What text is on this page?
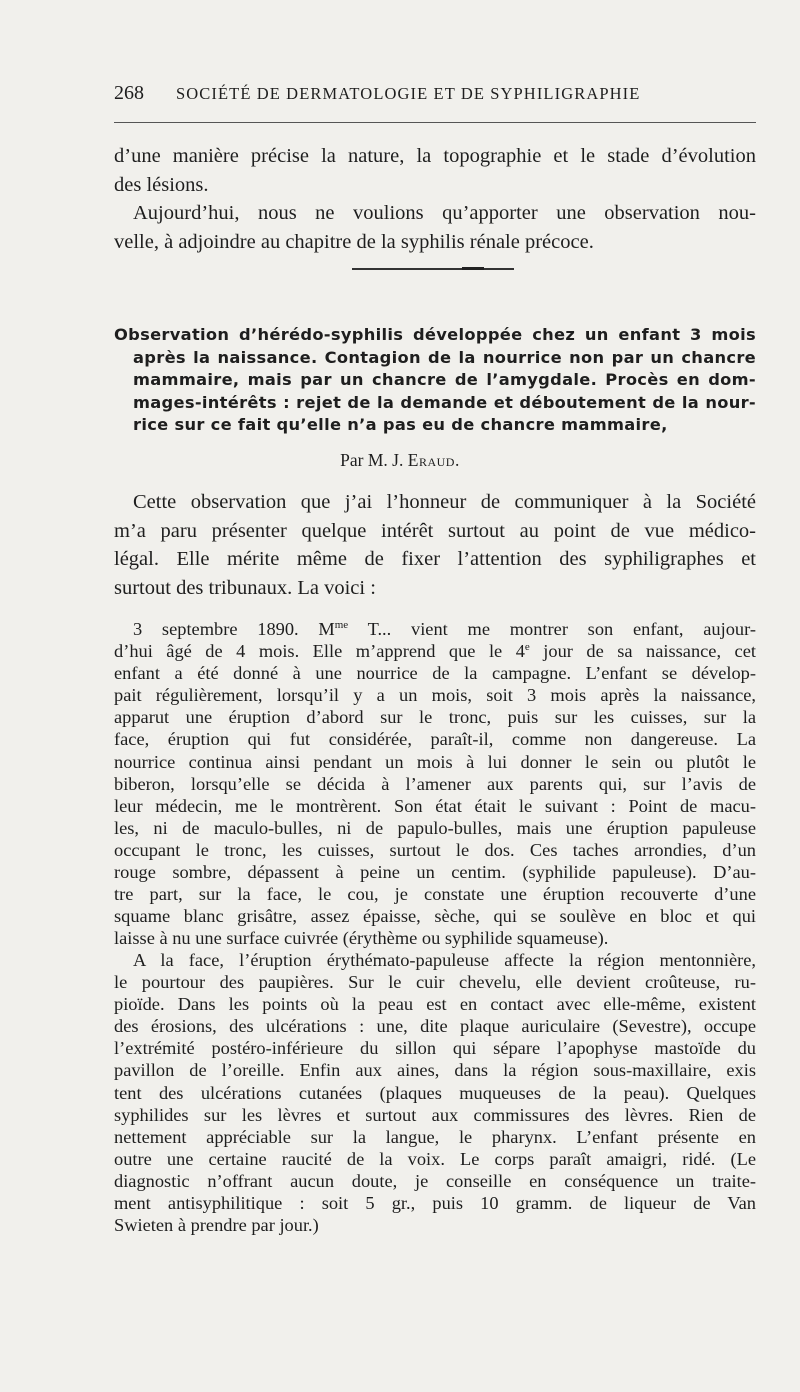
268 SOCIÉTÉ DE DERMATOLOGIE ET DE SYPHILIGRAPHIE
d’une manière précise la nature, la topographie et le stade d’évolution
des lésions.
Aujourd’hui, nous ne voulions qu’apporter une observation nou-
velle, à adjoindre au chapitre de la syphilis rénale précoce.
Observation d’hérédo-syphilis développée chez un enfant 3 mois
après la naissance. Contagion de la nourrice non par un chancre
mammaire, mais par un chancre de l’amygdale. Procès en dom-
mages-intérêts : rejet de la demande et déboutement de la nour-
rice sur ce fait qu’elle n’a pas eu de chancre mammaire,
Par M. J. Eraud.
Cette observation que j’ai l’honneur de communiquer à la Société
m’a paru présenter quelque intérêt surtout au point de vue médico-
légal. Elle mérite même de fixer l’attention des syphiligraphes et
surtout des tribunaux. La voici :
3 septembre 1890. $M^{me}$ T... vient me montrer son enfant, aujour-
d’hui âgé de 4 mois. Elle m’apprend que le 4e jour de sa naissance, cet
enfant a été donné à une nourrice de la campagne. L’enfant se dévelop-
pait régulièrement, lorsqu’il y a un mois, soit 3 mois après la naissance,
apparut une éruption d’abord sur le tronc, puis sur les cuisses, sur la
face, éruption qui fut considérée, paraît-il, comme non dangereuse. La
nourrice continua ainsi pendant un mois à lui donner le sein ou plutôt le
biberon, lorsqu’elle se décida à l’amener aux parents qui, sur l’avis de
leur médecin, me le montrèrent. Son état était le suivant : Point de macu-
les, ni de maculo-bulles, ni de papulo-bulles, mais une éruption papuleuse
occupant le tronc, les cuisses, surtout le dos. Ces taches arrondies, d’un
rouge sombre, dépassent à peine un centim. (syphilide papuleuse). D’au-
tre part, sur la face, le cou, je constate une éruption recouverte d’une
squame blanc grisâtre, assez épaisse, sèche, qui se soulève en bloc et qui
laisse à nu une surface cuivrée (érythème ou syphilide squameuse).
A la face, l’éruption érythémato-papuleuse affecte la région mentonnière,
le pourtour des paupières. Sur le cuir chevelu, elle devient croûteuse, ru-
pioïde. Dans les points où la peau est en contact avec elle-même, existent
des érosions, des ulcérations : une, dite plaque auriculaire (Sevestre), occupe
l’extrémité postéro-inférieure du sillon qui sépare l’apophyse mastoïde du
pavillon de l’oreille. Enfin aux aines, dans la région sous-maxillaire, exis
tent des ulcérations cutanées (plaques muqueuses de la peau). Quelques
syphilides sur les lèvres et surtout aux commissures des lèvres. Rien de
nettement appréciable sur la langue, le pharynx. L’enfant présente en
outre une certaine raucité de la voix. Le corps paraît amaigri, ridé. (Le
diagnostic n’offrant aucun doute, je conseille en conséquence un traite-
ment antisyphilitique : soit 5 gr., puis 10 gramm. de liqueur de Van
Swieten à prendre par jour.)
